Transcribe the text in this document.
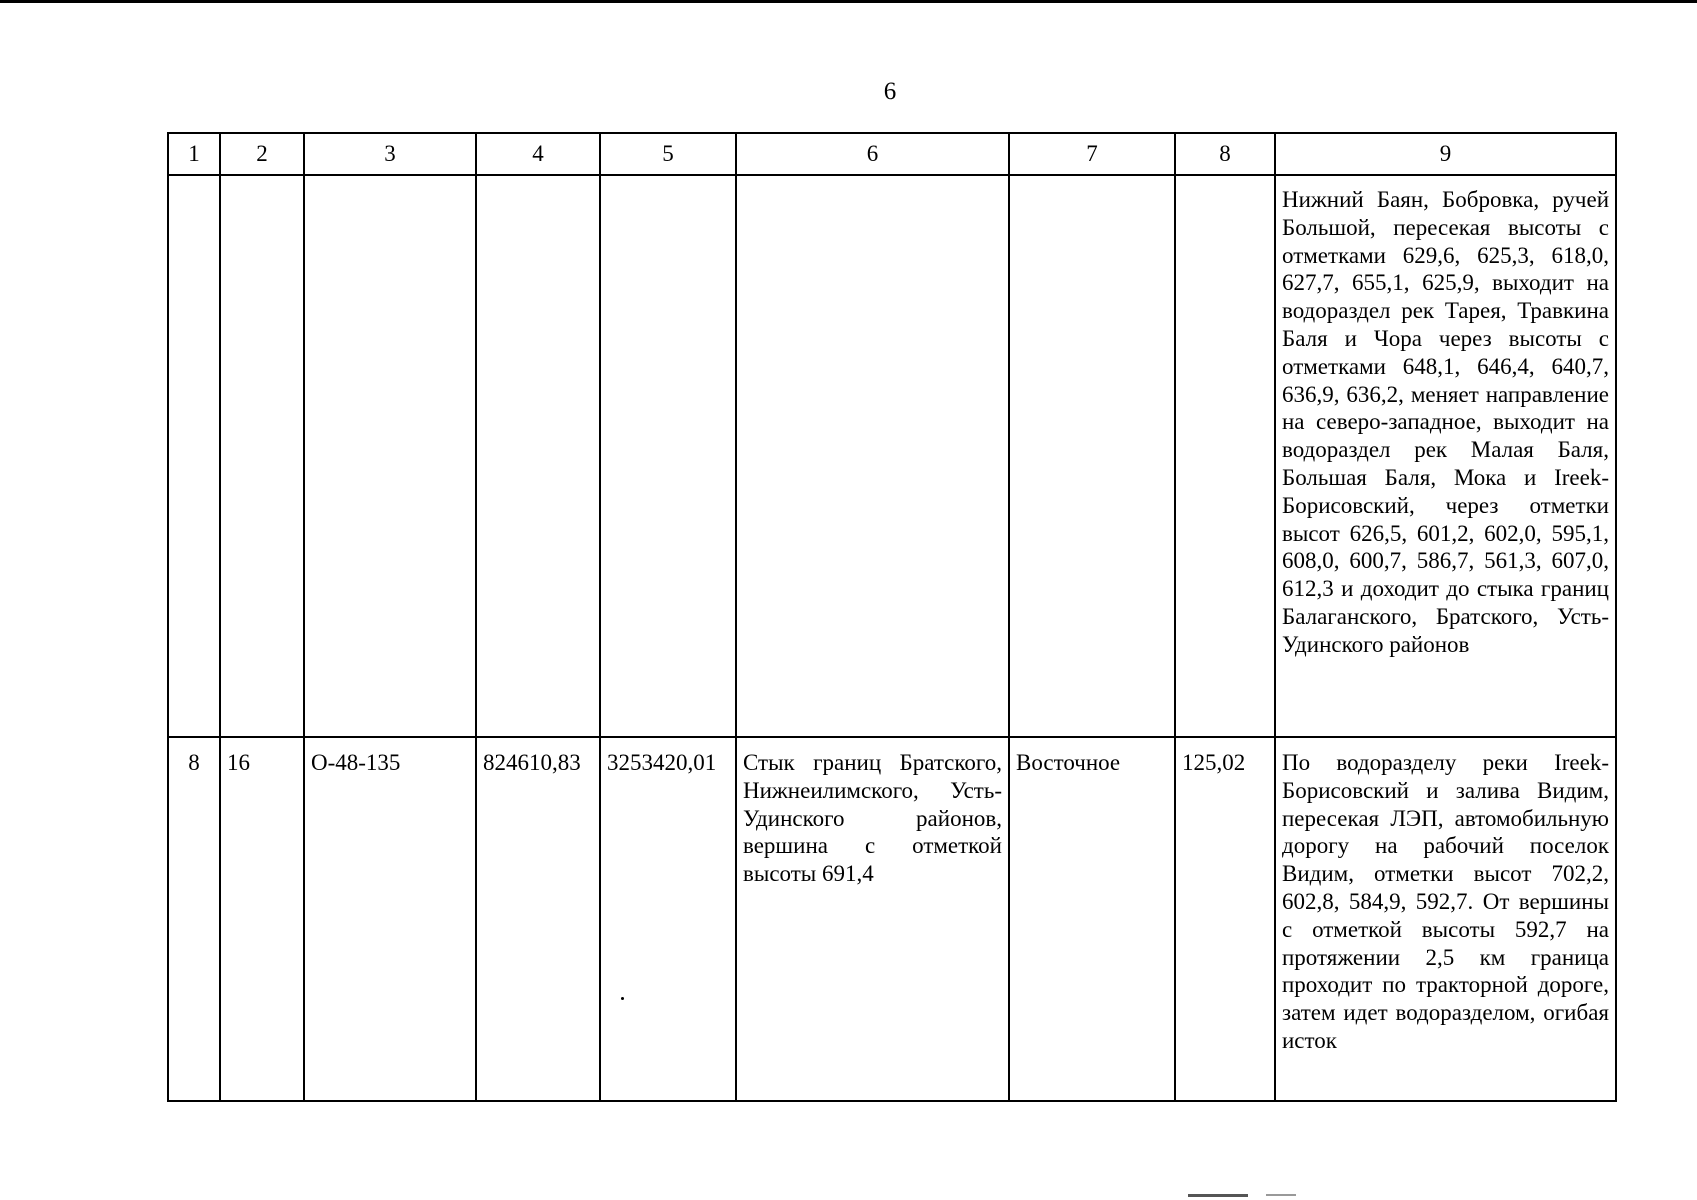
6
1	2	3	4	5	6	7	8	9
								Нижний Баян, Бобровка, ручей Большой, пересекая высоты с отметками 629,6, 625,3, 618,0, 627,7, 655,1, 625,9, выходит на водораздел рек Тарея, Травкина Баля и Чора через высоты с отметками 648,1, 646,4, 640,7, 636,9, 636,2, меняет направление на северо-западное, выходит на водораздел рек Малая Баля, Большая Баля, Мока и Ireek-Борисовский, через отметки высот 626,5, 601,2, 602,0, 595,1, 608,0, 600,7, 586,7, 561,3, 607,0, 612,3 и доходит до стыка границ Балаганского, Братского, Усть-Удинского районов
8	16	О-48-135	824610,83	3253420,01	Стык границ Братского, Нижнеилимского, Усть-Удинского районов, вершина с отметкой высоты 691,4	Восточное	125,02	По водоразделу реки Ireek-Борисовский и залива Видим, пересекая ЛЭП, автомобильную дорогу на рабочий поселок Видим, отметки высот 702,2, 602,8, 584,9, 592,7. От вершины с отметкой высоты 592,7 на протяжении 2,5 км граница проходит по тракторной дороге, затем идет водоразделом, огибая исток
